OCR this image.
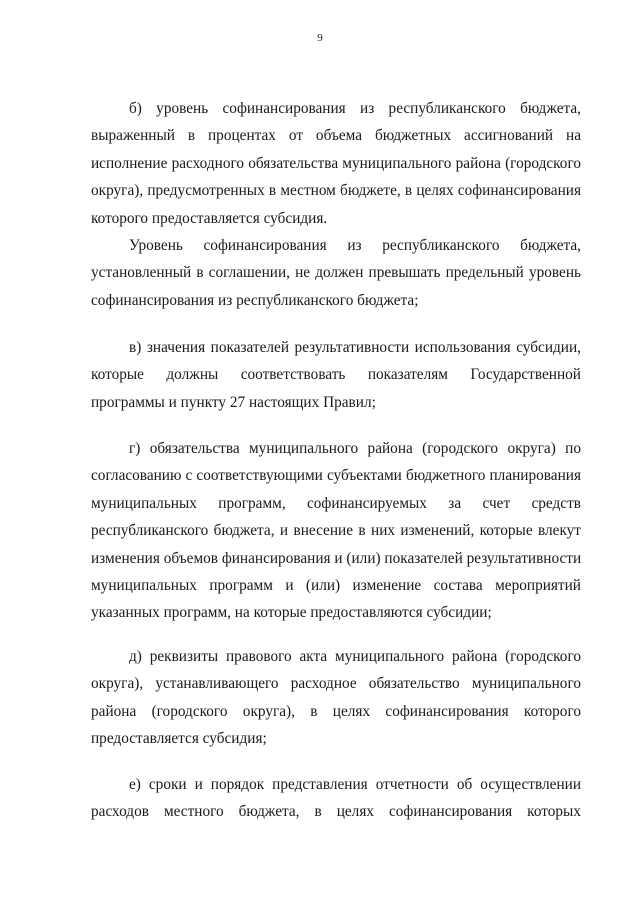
9

б) уровень софинансирования из республиканского бюджета,
выраженный в процентах от объема бюджетных ассигнований на
исполнение расходного обязательства муниципального района (городского
округа), предусмотренных в местном бюджете, в целях софинансирования
которого предоставляется субсидия.

Уровень софинансирования из республиканского бюджета,
установленный в соглашении, не должен превышать предельный уровень
софинансирования из республиканского бюджета;

в) значения показателей результативности использования субсидии,
которые должны соответствовать показателям Государственной
программы и пункту 27 настоящих Правил;

г) обязательства муниципального района (городского округа) по
согласованию с соответствующими субъектами бюджетного планирования
муниципальных программ, софинансируемых за счет средств
республиканского бюджета, и внесение в них изменений, которые влекут
изменения объемов финансирования и (или) показателей результативности
муниципальных программ и (или) изменение состава мероприятий
указанных программ, на которые предоставляются субсидии;

д) реквизиты правового акта муниципального района (городского
округа), устанавливающего расходное обязательство муниципального
района (городского округа), в целях софинансирования которого
предоставляется субсидия;

е) сроки и порядок представления отчетности об осуществлении
расходов местного бюджета, в целях софинансирования которых
